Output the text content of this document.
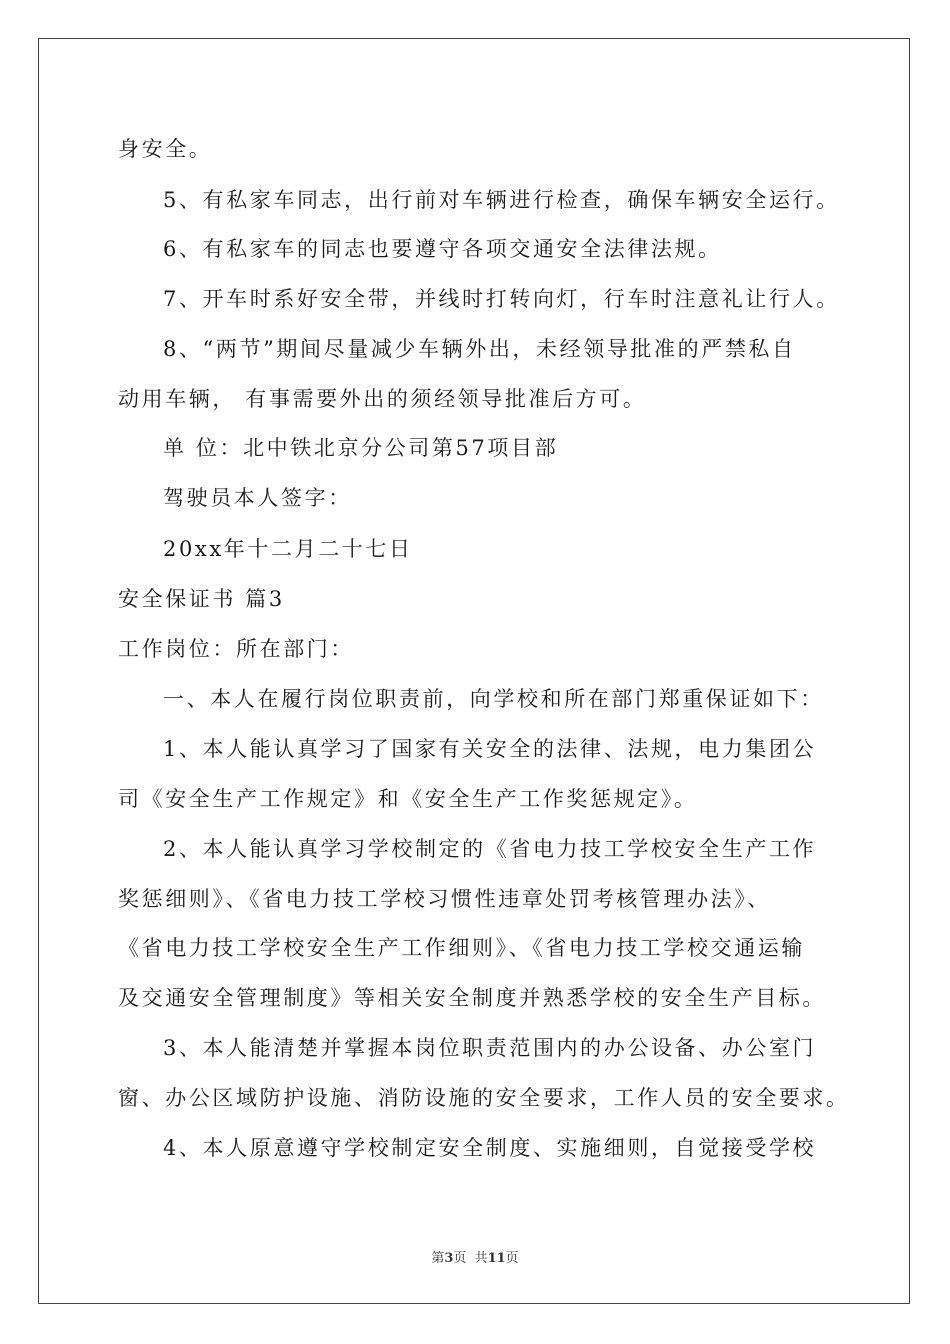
身安全。
5、有私家车同志，出行前对车辆进行检查，确保车辆安全运行。
6、有私家车的同志也要遵守各项交通安全法律法规。
7、开车时系好安全带，并线时打转向灯，行车时注意礼让行人。
8、“两节”期间尽量减少车辆外出，未经领导批准的严禁私自
动用车辆， 有事需要外出的须经领导批准后方可。
单 位：北中铁北京分公司第57项目部
驾驶员本人签字：
20xx年十二月二十七日
安全保证书 篇3
工作岗位：所在部门：
一、本人在履行岗位职责前，向学校和所在部门郑重保证如下：
1、本人能认真学习了国家有关安全的法律、法规，电力集团公
司《安全生产工作规定》和《安全生产工作奖惩规定》。
2、本人能认真学习学校制定的《省电力技工学校安全生产工作
奖惩细则》、《省电力技工学校习惯性违章处罚考核管理办法》、
《省电力技工学校安全生产工作细则》、《省电力技工学校交通运输
及交通安全管理制度》等相关安全制度并熟悉学校的安全生产目标。
3、本人能清楚并掌握本岗位职责范围内的办公设备、办公室门
窗、办公区域防护设施、消防设施的安全要求，工作人员的安全要求。
4、本人原意遵守学校制定安全制度、实施细则，自觉接受学校
第3页 共11页
